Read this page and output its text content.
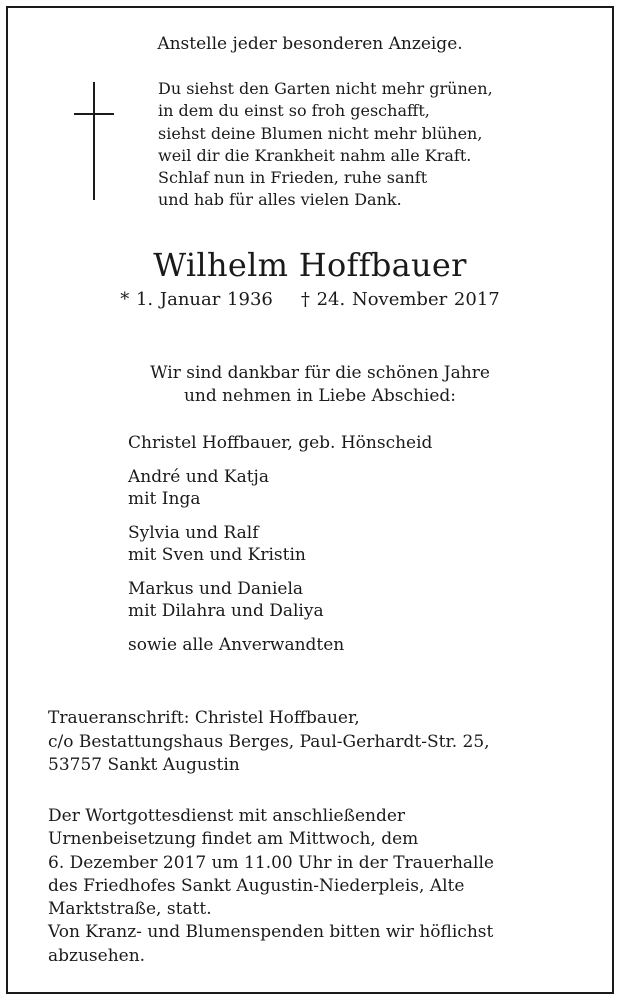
Anstelle jeder besonderen Anzeige.
Du siehst den Garten nicht mehr grünen,
in dem du einst so froh geschafft,
siehst deine Blumen nicht mehr blühen,
weil dir die Krankheit nahm alle Kraft.
Schlaf nun in Frieden, ruhe sanft
und hab für alles vielen Dank.
Wilhelm Hoffbauer
* 1. Januar 1936 † 24. November 2017
Wir sind dankbar für die schönen Jahre
und nehmen in Liebe Abschied:
Christel Hoffbauer, geb. Hönscheid
André und Katja
mit Inga
Sylvia und Ralf
mit Sven und Kristin
Markus und Daniela
mit Dilahra und Daliya
sowie alle Anverwandten
Traueranschrift: Christel Hoffbauer,
c/o Bestattungshaus Berges, Paul-Gerhardt-Str. 25,
53757 Sankt Augustin
Der Wortgottesdienst mit anschließender
Urnenbeisetzung findet am Mittwoch, dem
6. Dezember 2017 um 11.00 Uhr in der Trauerhalle
des Friedhofes Sankt Augustin-Niederpleis, Alte
Marktstraße, statt.
Von Kranz- und Blumenspenden bitten wir höflichst
abzusehen.
